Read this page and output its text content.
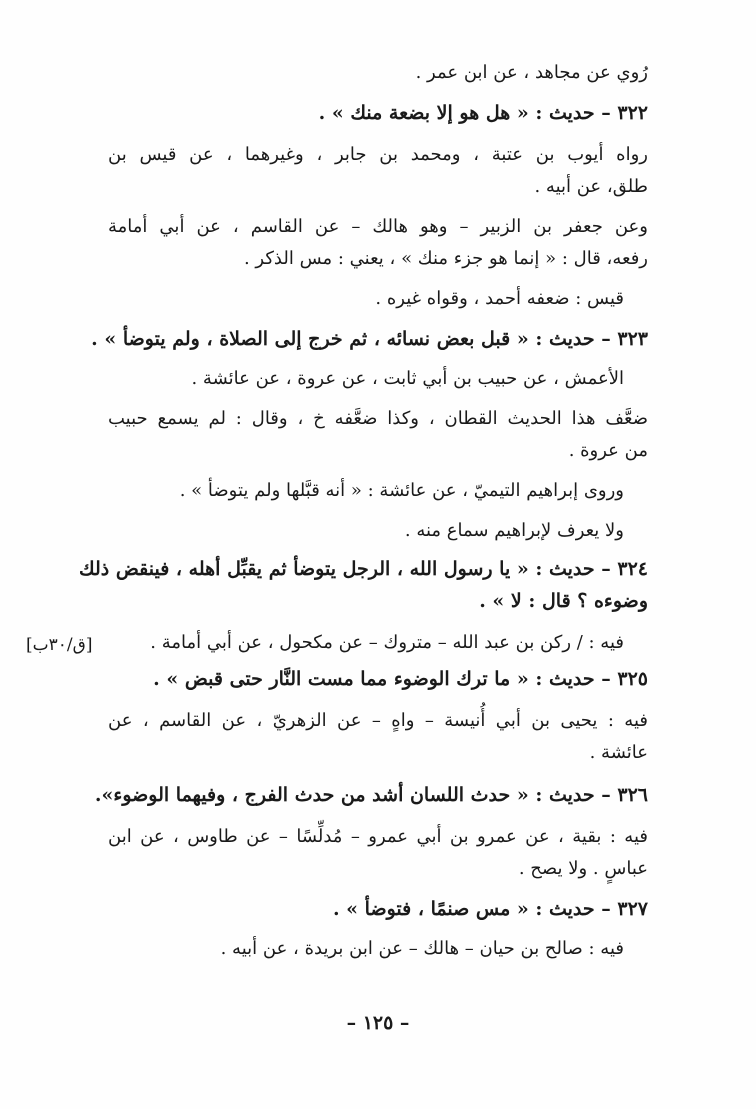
رُوي عن مجاهد ، عن ابن عمر .
٣٢٢ – حديث : « هل هو إلا بضعة منك » .
رواه أيوب بن عتبة ، ومحمد بن جابر ، وغيرهما ، عن قيس بن
طلق، عن أبيه .
وعن جعفر بن الزبير – وهو هالك – عن القاسم ، عن أبي أمامة
رفعه، قال : « إنما هو جزء منك » ، يعني : مس الذكر .
قيس : ضعفه أحمد ، وقواه غيره .
٣٢٣ – حديث : « قبل بعض نسائه ، ثم خرج إلى الصلاة ، ولم يتوضأ » .
الأعمش ، عن حبيب بن أبي ثابت ، عن عروة ، عن عائشة .
ضعَّف هذا الحديث القطان ، وكذا ضعَّفه خ ، وقال : لم يسمع حبيب
من عروة .
وروى إبراهيم التيميّ ، عن عائشة : « أنه قبَّلها ولم يتوضأ » .
ولا يعرف لإبراهيم سماع منه .
٣٢٤ – حديث : « يا رسول الله ، الرجل يتوضأ ثم يقبِّل أهله ، فينقض ذلك
وضوءه ؟ قال : لا » .
فيه : / ركن بن عبد الله – متروك – عن مكحول ، عن أبي أمامة .
٣٢٥ – حديث : « ما ترك الوضوء مما مست النَّار حتى قبض » .
فيه : يحيى بن أبي أُنيسة – واهٍ – عن الزهريّ ، عن القاسم ، عن
عائشة .
٣٢٦ – حديث : « حدث اللسان أشد من حدث الفرج ، وفيهما الوضوء».
فيه : بقية ، عن عمرو بن أبي عمرو – مُدلِّسًا – عن طاوس ، عن ابن
عباسٍ . ولا يصح .
٣٢٧ – حديث : « مس صنمًا ، فتوضأ » .
فيه : صالح بن حيان – هالك – عن ابن بريدة ، عن أبيه .
[ق/٣٠ب]
– ١٢٥ –
